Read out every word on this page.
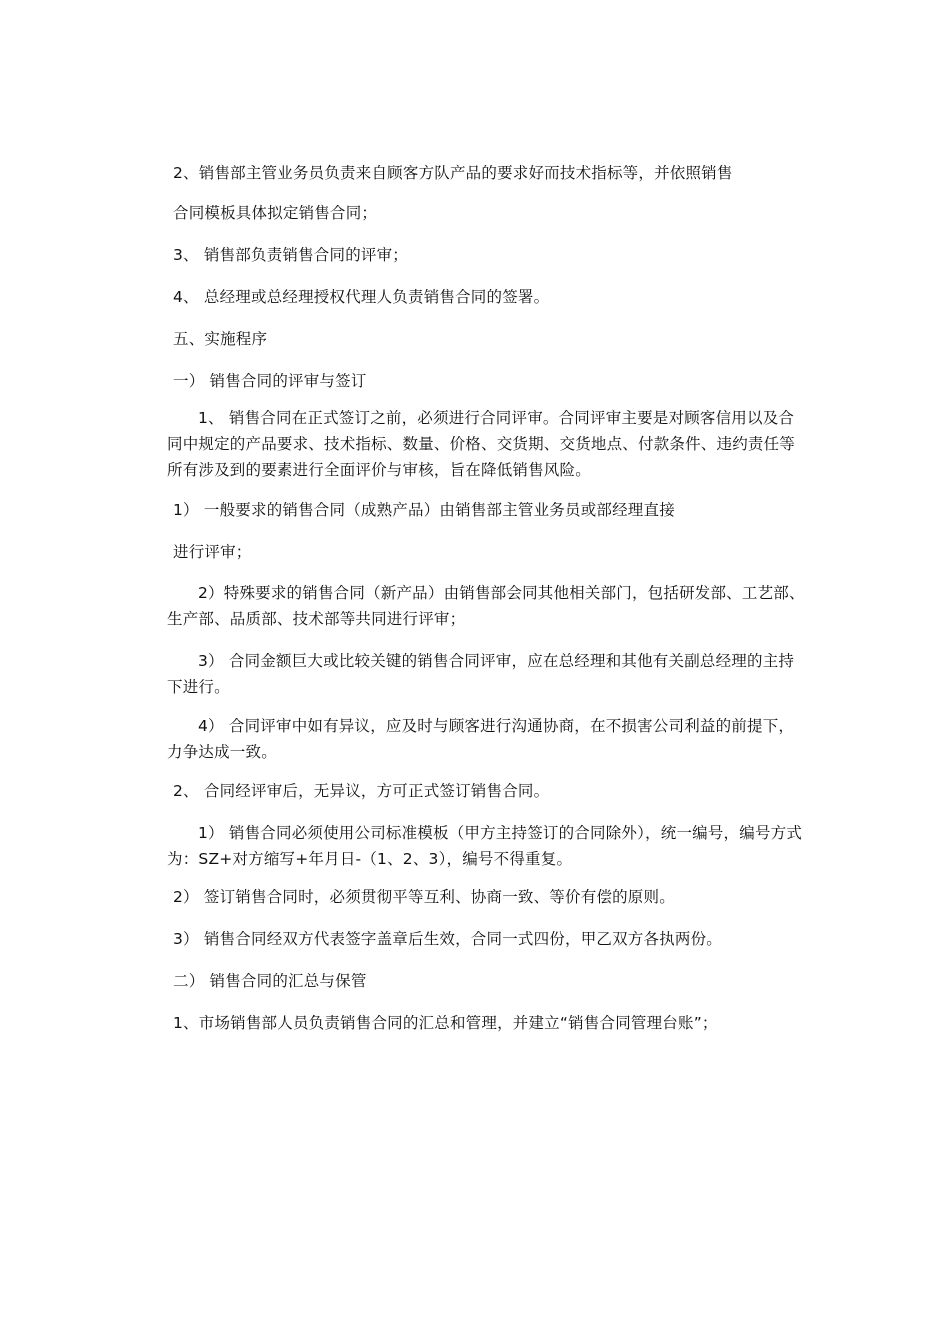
2、销售部主管业务员负责来自顾客方队产品的要求好而技术指标等，并依照销售

合同模板具体拟定销售合同；

3、 销售部负责销售合同的评审；

4、 总经理或总经理授权代理人负责销售合同的签署。

五、实施程序

一） 销售合同的评审与签订

1、 销售合同在正式签订之前，必须进行合同评审。合同评审主要是对顾客信用以及合同中规定的产品要求、技术指标、数量、价格、交货期、交货地点、付款条件、违约责任等所有涉及到的要素进行全面评价与审核，旨在降低销售风险。

1） 一般要求的销售合同（成熟产品）由销售部主管业务员或部经理直接

进行评审；

2）特殊要求的销售合同（新产品）由销售部会同其他相关部门，包括研发部、工艺部、生产部、品质部、技术部等共同进行评审；

3） 合同金额巨大或比较关键的销售合同评审，应在总经理和其他有关副总经理的主持下进行。

4） 合同评审中如有异议，应及时与顾客进行沟通协商，在不损害公司利益的前提下，力争达成一致。

2、 合同经评审后，无异议，方可正式签订销售合同。

1） 销售合同必须使用公司标准模板（甲方主持签订的合同除外），统一编号，编号方式为：SZ+对方缩写+年月日-（1、2、3），编号不得重复。

2） 签订销售合同时，必须贯彻平等互利、协商一致、等价有偿的原则。

3） 销售合同经双方代表签字盖章后生效，合同一式四份，甲乙双方各执两份。

二） 销售合同的汇总与保管

1、市场销售部人员负责销售合同的汇总和管理，并建立“销售合同管理台账”；
